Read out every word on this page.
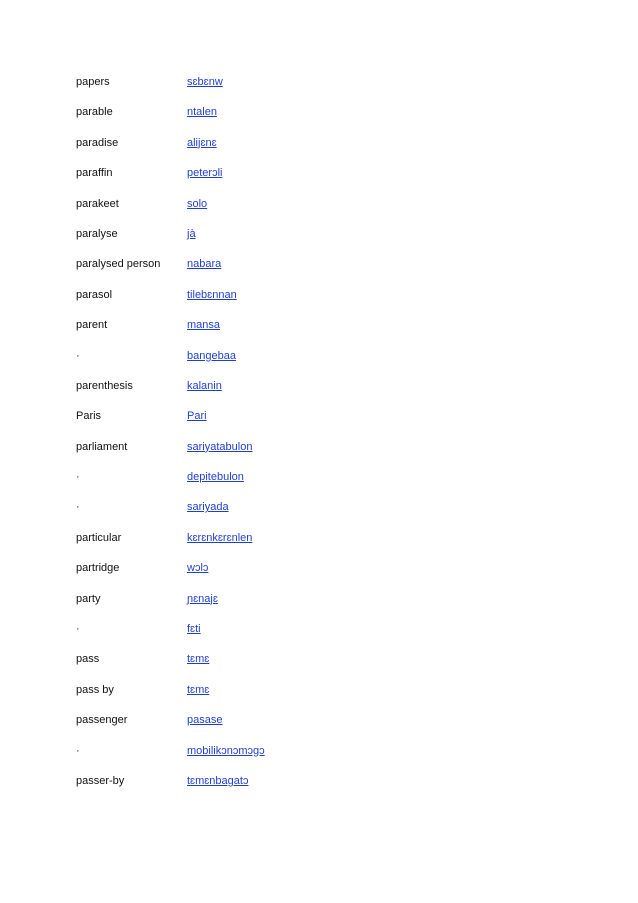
papers	sɛbɛnw
parable	ntalen
paradise	alijɛnɛ
paraffin	peterɔli
parakeet	solo
paralyse	jà
paralysed person	nabara
parasol	tilebɛnnan
parent	mansa
·	bangebaa
parenthesis	kalanin
Paris	Pari
parliament	sariyatabulon
·	depitebulon
·	sariyada
particular	kɛrɛnkɛrɛnlen
partridge	wɔlɔ
party	ɲɛnajɛ
·	fɛti
pass	tɛmɛ
pass by	tɛmɛ
passenger	pasase
·	mobilikɔnɔmɔgɔ
passer-by	tɛmɛnbagatɔ
